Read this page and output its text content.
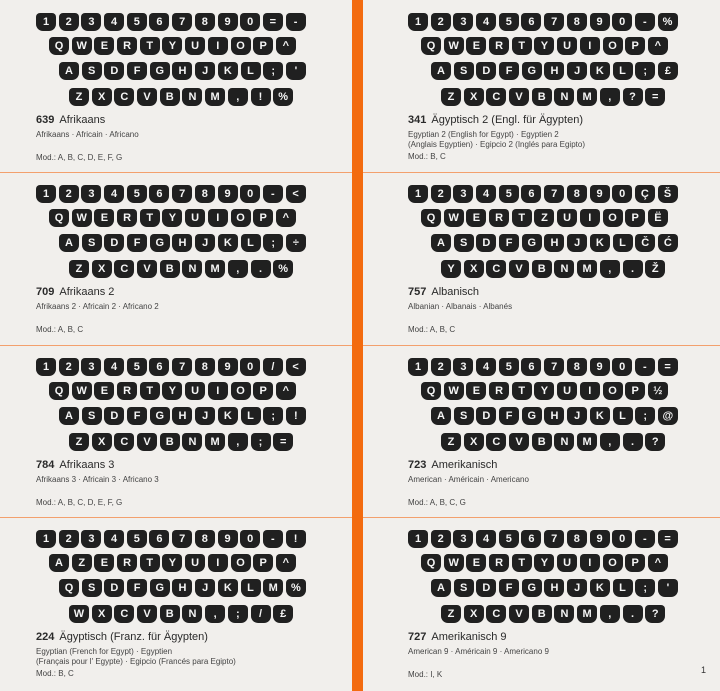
1	2	3	4	5	6	7	8	9	0	=	-
Q	W	E	R	T	Y	U	I	O	P	^
A	S	D	F	G	H	J	K	L	;	'
Z	X	C	V	B	N	M	,	!	%
639 Afrikaans
Afrikaans · Africain · Africano
Mod.: A, B, C, D, E, F, G
1	2	3	4	5	6	7	8	9	0	-	<
Q	W	E	R	T	Y	U	I	O	P	^
A	S	D	F	G	H	J	K	L	;	÷
Z	X	C	V	B	N	M	,	.	%
709 Afrikaans 2
Afrikaans 2 · Africain 2 · Africano 2
Mod.: A, B, C
1	2	3	4	5	6	7	8	9	0	/	<
Q	W	E	R	T	Y	U	I	O	P	^
A	S	D	F	G	H	J	K	L	;	!
Z	X	C	V	B	N	M	,	;	=
784 Afrikaans 3
Afrikaans 3 · Africain 3 · Africano 3
Mod.: A, B, C, D, E, F, G
1	2	3	4	5	6	7	8	9	0	-	!
A	Z	E	R	T	Y	U	I	O	P	^
Q	S	D	F	G	H	J	K	L	M	%
W	X	C	V	B	N	,	;	/	£
224 Ägyptisch (Franz. für Ägypten)
Egyptian (French for Egypt) · Egyptien
(Français pour l' Egypte) · Egipcio (Francés para Egipto)
Mod.: B, C
1	2	3	4	5	6	7	8	9	0	-	%
Q	W	E	R	T	Y	U	I	O	P	^
A	S	D	F	G	H	J	K	L	;	£
Z	X	C	V	B	N	M	,	?	=
341 Ägyptisch 2 (Engl. für Ägypten)
Egyptian 2 (English for Egypt) · Egyptien 2
(Anglais Egyptien) · Egipcio 2 (Inglés para Egipto)
Mod.: B, C
1	2	3	4	5	6	7	8	9	0	Ç	Š
Q	W	E	R	T	Z	U	I	O	P	Ë
A	S	D	F	G	H	J	K	L	Č	Ć
Y	X	C	V	B	N	M	,	.	Ž
757 Albanisch
Albanian · Albanais · Albanés
Mod.: A, B, C
1	2	3	4	5	6	7	8	9	0	-	=
Q	W	E	R	T	Y	U	I	O	P	½
A	S	D	F	G	H	J	K	L	;	@
Z	X	C	V	B	N	M	,	.	?
723 Amerikanisch
American · Américain · Americano
Mod.: A, B, C, G
1	2	3	4	5	6	7	8	9	0	-	=
Q	W	E	R	T	Y	U	I	O	P	^
A	S	D	F	G	H	J	K	L	;	'
Z	X	C	V	B	N	M	,	.	?
727 Amerikanisch 9
American 9 · Américain 9 · Americano 9
Mod.: I, K	1
